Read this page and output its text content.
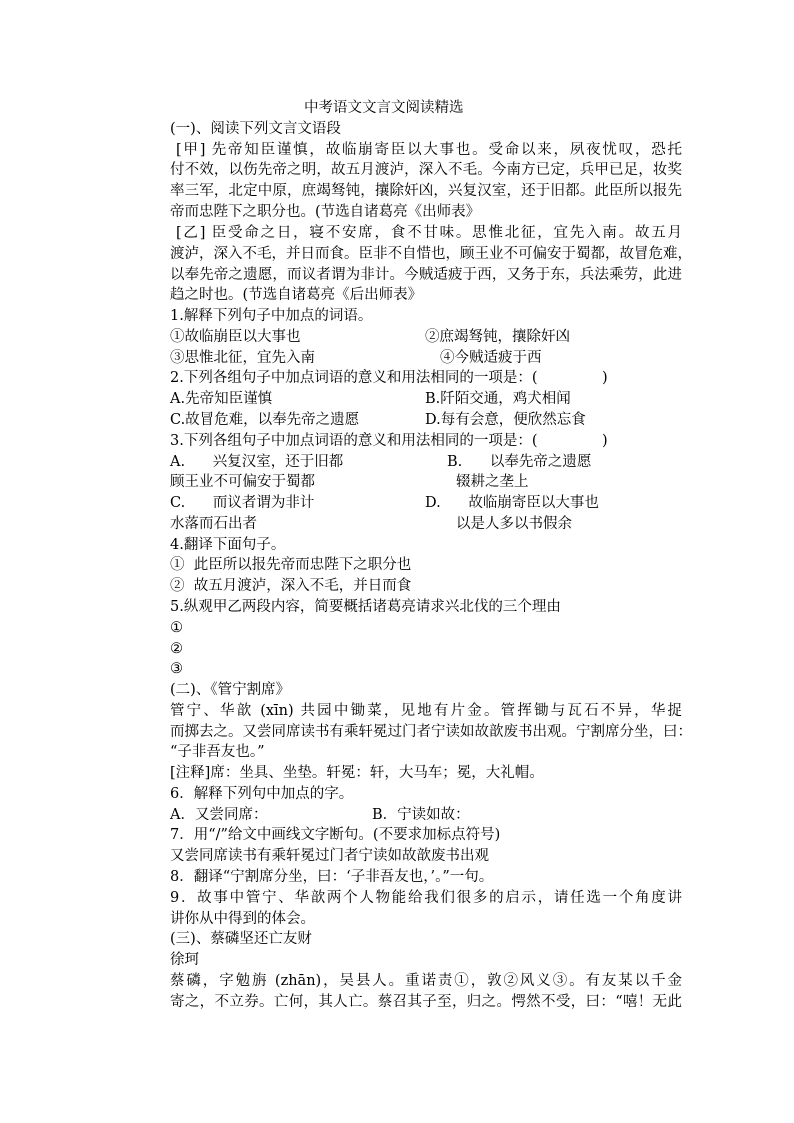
中考语文文言文阅读精选
(一)、阅读下列文言文语段
[甲] 先帝知臣谨慎，故临崩寄臣以大事也。受命以来，夙夜忧叹，恐托
付不效，以伤先帝之明，故五月渡泸，深入不毛。今南方已定，兵甲已足，妆奖
率三军，北定中原，庶竭驽钝，攘除奸凶，兴复汉室，还于旧都。此臣所以报先
帝而忠陛下之职分也。(节选自诸葛亮《出师表》
[乙] 臣受命之日，寝不安席，食不甘味。思惟北征，宜先入南。故五月
渡泸，深入不毛，并日而食。臣非不自惜也，顾王业不可偏安于蜀都，故冒危难，
以奉先帝之遗愿，而议者谓为非计。今贼适疲于西，又务于东，兵法乘劳，此进
趋之时也。(节选自诸葛亮《后出师表》
1.解释下列句子中加点的词语。
①故临崩臣以大事也	②庶竭驽钝，攘除奸凶
③思惟北征，宜先入南	④今贼适疲于西
2.下列各组句子中加点词语的意义和用法相同的一项是：(              )
A.先帝知臣谨慎	B.阡陌交通，鸡犬相闻
C.故冒危难，以奉先帝之遗愿	D.每有会意，便欣然忘食
3.下列各组句子中加点词语的意义和用法相同的一项是：(              )
A.      兴复汉室，还于旧都	B.      以奉先帝之遗愿
顾王业不可偏安于蜀都	辍耕之垄上
C.      而议者谓为非计	D.      故临崩寄臣以大事也
水落而石出者	以是人多以书假余
4.翻译下面句子。
①  此臣所以报先帝而忠陛下之职分也
②  故五月渡泸，深入不毛，并日而食
5.纵观甲乙两段内容，简要概括诸葛亮请求兴北伐的三个理由
①
②
③
(二)、《管宁割席》
管宁、华歆 (xīn) 共园中锄菜，见地有片金。管挥锄与瓦石不异，华捉
而掷去之。又尝同席读书有乘轩冕过门者宁读如故歆废书出观。宁割席分坐，曰：
“子非吾友也。”
[注释]席：坐具、坐垫。轩冕：轩，大马车；冕，大礼帽。
6．解释下列句中加点的字。
A．又尝同席：	B．宁读如故：
7．用“/”给文中画线文字断句。(不要求加标点符号)
又尝同席读书有乘轩冕过门者宁读如故歆废书出观
8．翻译“宁割席分坐，曰：‘子非吾友也，’。”一句。
9．故事中管宁、华歆两个人物能给我们很多的启示，请任选一个角度讲
讲你从中得到的体会。
(三)、蔡磷坚还亡友财
徐珂
蔡磷，字勉旃 (zhān)，吴县人。重诺责①，敦②风义③。有友某以千金
寄之，不立券。亡何，其人亡。蔡召其子至，归之。愕然不受，曰：“嘻！无此
